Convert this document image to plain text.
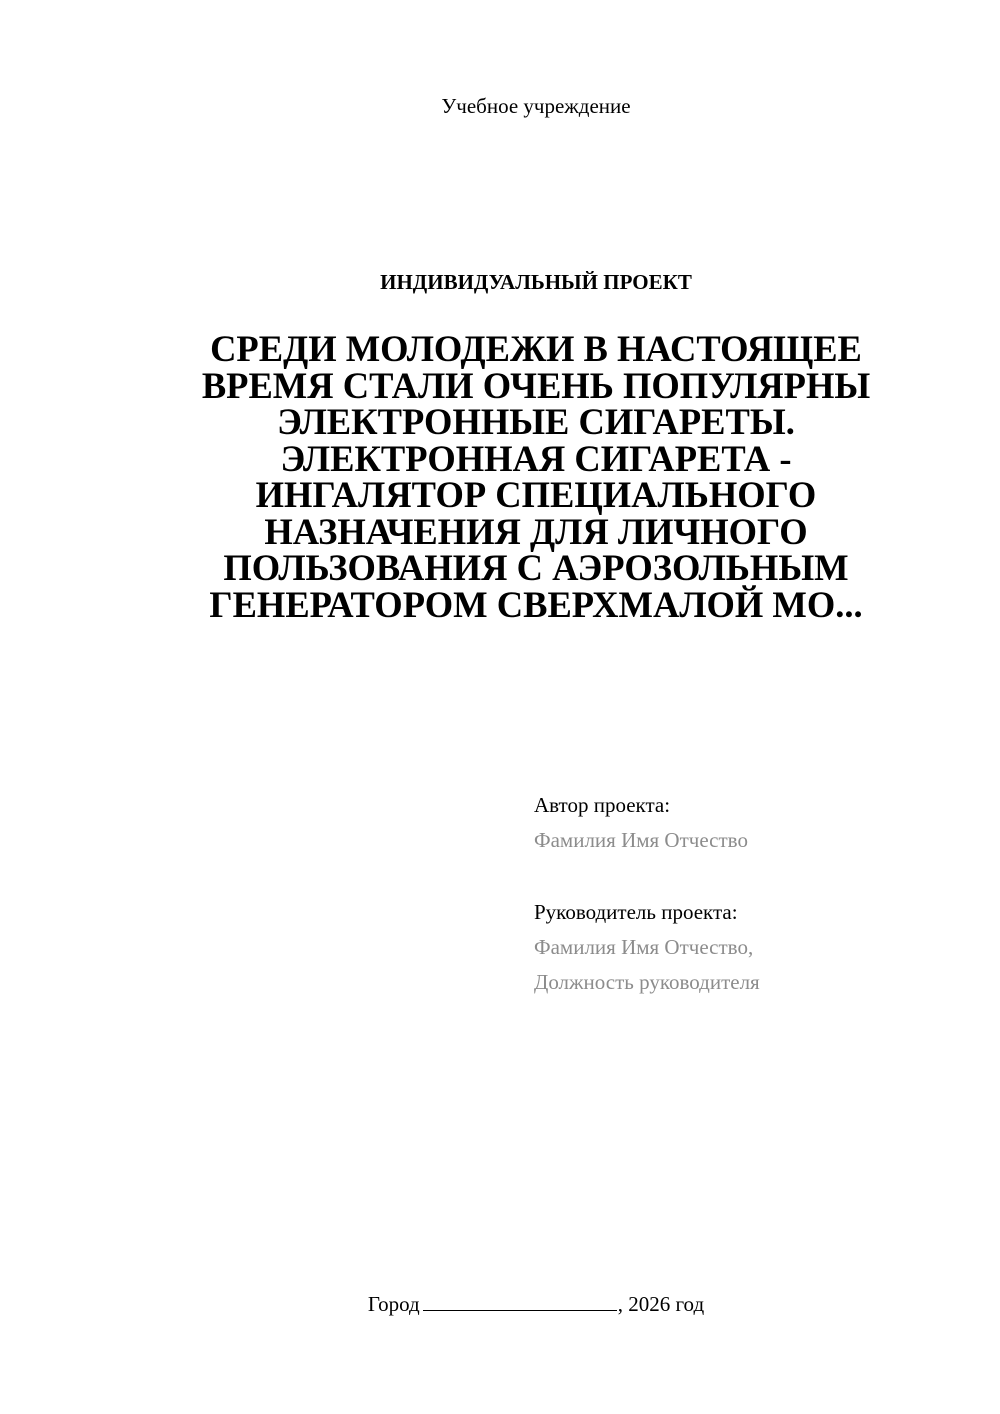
Учебное учреждение
ИНДИВИДУАЛЬНЫЙ ПРОЕКТ
СРЕДИ МОЛОДЕЖИ В НАСТОЯЩЕЕ
ВРЕМЯ СТАЛИ ОЧЕНЬ ПОПУЛЯРНЫ
ЭЛЕКТРОННЫЕ СИГАРЕТЫ.
ЭЛЕКТРОННАЯ СИГАРЕТА -
ИНГАЛЯТОР СПЕЦИАЛЬНОГО
НАЗНАЧЕНИЯ ДЛЯ ЛИЧНОГО
ПОЛЬЗОВАНИЯ С АЭРОЗОЛЬНЫМ
ГЕНЕРАТОРОМ СВЕРХМАЛОЙ МО...
Автор проекта:
Фамилия Имя Отчество
Руководитель проекта:
Фамилия Имя Отчество,
Должность руководителя
Город	, 2026 год
